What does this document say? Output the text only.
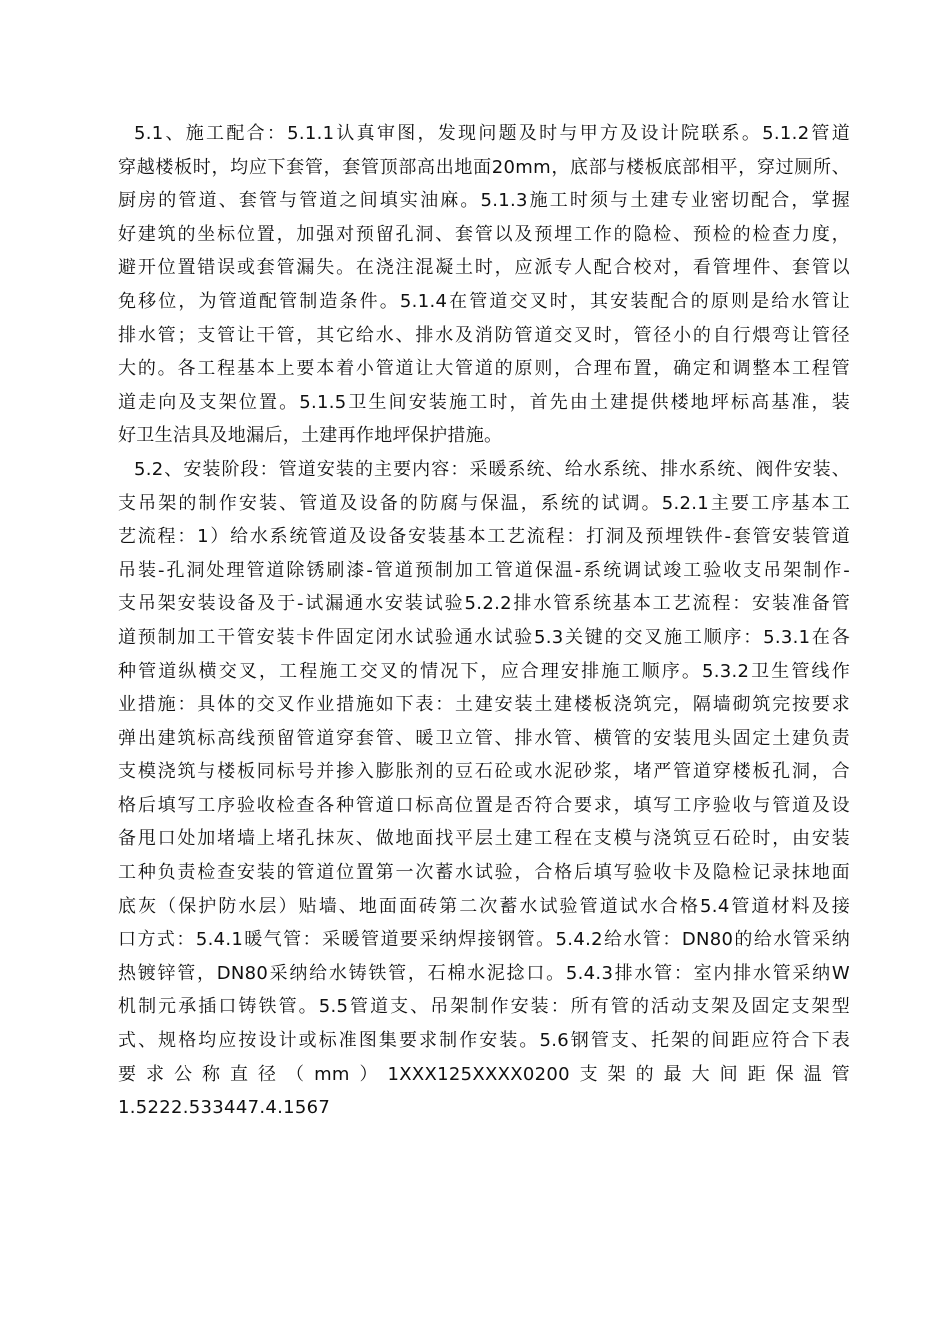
5.1、施工配合：5.1.1认真审图，发现问题及时与甲方及设计院联系。5.1.2管道
穿越楼板时，均应下套管，套管顶部高出地面20mm，底部与楼板底部相平，穿过厕所、
厨房的管道、套管与管道之间填实油麻。5.1.3施工时须与土建专业密切配合，掌握
好建筑的坐标位置，加强对预留孔洞、套管以及预埋工作的隐检、预检的检查力度，
避开位置错误或套管漏失。在浇注混凝土时，应派专人配合校对，看管埋件、套管以
免移位，为管道配管制造条件。5.1.4在管道交叉时，其安装配合的原则是给水管让
排水管；支管让干管，其它给水、排水及消防管道交叉时，管径小的自行煨弯让管径
大的。各工程基本上要本着小管道让大管道的原则，合理布置，确定和调整本工程管
道走向及支架位置。5.1.5卫生间安装施工时，首先由土建提供楼地坪标高基准，装
好卫生洁具及地漏后，土建再作地坪保护措施。
5.2、安装阶段：管道安装的主要内容：采暖系统、给水系统、排水系统、阀件安装、
支吊架的制作安装、管道及设备的防腐与保温，系统的试调。5.2.1主要工序基本工
艺流程：1）给水系统管道及设备安装基本工艺流程：打洞及预埋铁件-套管安装管道
吊装-孔洞处理管道除锈刷漆-管道预制加工管道保温-系统调试竣工验收支吊架制作-
支吊架安装设备及于-试漏通水安装试验5.2.2排水管系统基本工艺流程：安装准备管
道预制加工干管安装卡件固定闭水试验通水试验5.3关键的交叉施工顺序：5.3.1在各
种管道纵横交叉，工程施工交叉的情况下，应合理安排施工顺序。5.3.2卫生管线作
业措施：具体的交叉作业措施如下表：土建安装土建楼板浇筑完，隔墙砌筑完按要求
弹出建筑标高线预留管道穿套管、暖卫立管、排水管、横管的安装甩头固定土建负责
支模浇筑与楼板同标号并掺入膨胀剂的豆石砼或水泥砂浆，堵严管道穿楼板孔洞，合
格后填写工序验收检查各种管道口标高位置是否符合要求，填写工序验收与管道及设
备甩口处加堵墙上堵孔抹灰、做地面找平层土建工程在支模与浇筑豆石砼时，由安装
工种负责检查安装的管道位置第一次蓄水试验，合格后填写验收卡及隐检记录抹地面
底灰（保护防水层）贴墙、地面面砖第二次蓄水试验管道试水合格5.4管道材料及接
口方式：5.4.1暖气管：采暖管道要采纳焊接钢管。5.4.2给水管：DN80的给水管采纳
热镀锌管，DN80采纳给水铸铁管，石棉水泥捻口。5.4.3排水管：室内排水管采纳W
机制元承插口铸铁管。5.5管道支、吊架制作安装：所有管的活动支架及固定支架型
式、规格均应按设计或标准图集要求制作安装。5.6钢管支、托架的间距应符合下表
要求公称直径（mm）1XXX125XXXX0200支架的最大间距保温管1.5222.533447.4.1567
